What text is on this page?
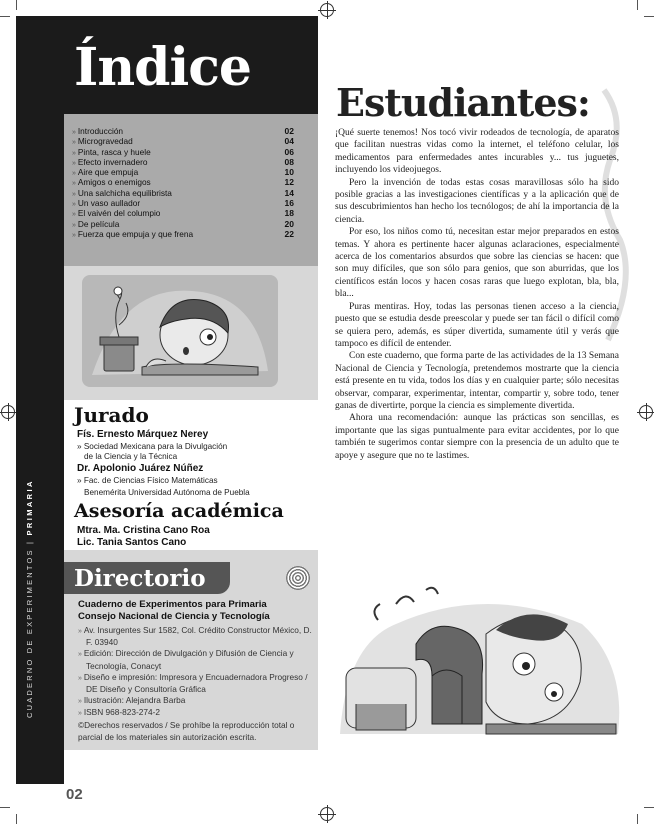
CUADERNO DE EXPERIMENTOS | PRIMARIA
02
Índice
» Introducción	02
» Microgravedad	04
» Pinta, rasca y huele	06
» Efecto invernadero	08
» Aire que empuja	10
» Amigos o enemigos	12
» Una salchicha equilibrista	14
» Un vaso aullador	16
» El vaivén del columpio	18
» De película	20
» Fuerza que empuja y que frena	22
Jurado
Fís. Ernesto Márquez Nerey
» Sociedad Mexicana para la Divulgación
de la Ciencia y la Técnica
Dr. Apolonio Juárez Núñez
» Fac. de Ciencias Físico Matemáticas
Benemérita Universidad Autónoma de Puebla
Asesoría académica
Mtra. Ma. Cristina Cano Roa
Lic. Tania Santos Cano
Directorio
Cuaderno de Experimentos para Primaria
Consejo Nacional de Ciencia y Tecnología
» Av. Insurgentes Sur 1582, Col. Crédito Constructor México, D. F. 03940
» Edición: Dirección de Divulgación y Difusión de Ciencia y Tecnología, Conacyt
» Diseño e impresión: Impresora y Encuadernadora Progreso / DE Diseño y Consultoría Gráfica
» Ilustración: Alejandra Barba
» ISBN 968-823-274-2
©Derechos reservados / Se prohíbe la reproducción total o parcial de los materiales sin autorización escrita.
Estudiantes:

¡Qué suerte tenemos! Nos tocó vivir rodeados de tecnología, de aparatos que facilitan nuestras vidas como la internet, el teléfono celular, los medicamentos para enfermedades antes incurables y... tus juguetes, incluyendo los videojuegos.

Pero la invención de todas estas cosas maravillosas sólo ha sido posible gracias a las investigaciones científicas y a la aplicación que de sus descubrimientos han hecho los tecnólogos; de ahí la importancia de la ciencia.

Por eso, los niños como tú, necesitan estar mejor preparados en estos temas. Y ahora es pertinente hacer algunas aclaraciones, especialmente acerca de los comentarios absurdos que sobre las ciencias se hacen: que son muy difíciles, que son sólo para genios, que son aburridas, que los científicos están locos y hacen cosas raras que luego explotan, bla, bla, bla...

Puras mentiras. Hoy, todas las personas tienen acceso a la ciencia, puesto que se estudia desde preescolar y puede ser tan fácil o difícil como se quiera pero, además, es súper divertida, sumamente útil y verás que tampoco es difícil de entender.

Con este cuaderno, que forma parte de las actividades de la 13 Semana Nacional de Ciencia y Tecnología, pretendemos mostrarte que la ciencia está presente en tu vida, todos los días y en cualquier parte; sólo necesitas observar, comparar, experimentar, intentar, compartir y, sobre todo, tener ganas de divertirte, porque la ciencia es simplemente divertida.

Ahora una recomendación: aunque las prácticas son sencillas, es importante que las sigas puntualmente para evitar accidentes, por lo que también te sugerimos contar siempre con la presencia de un adulto que te apoye y asegure que no te lastimes.
